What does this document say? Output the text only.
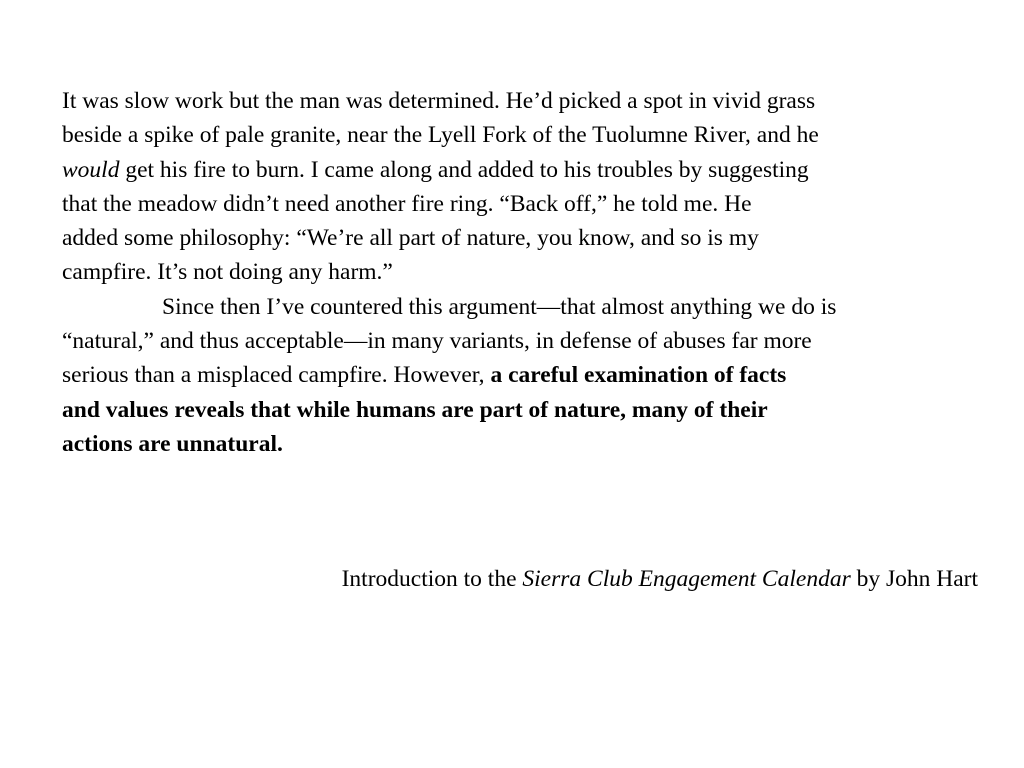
It was slow work but the man was determined. He’d picked a spot in vivid grass
beside a spike of pale granite, near the Lyell Fork of the Tuolumne River, and he
would get his fire to burn. I came along and added to his troubles by suggesting
that the meadow didn’t need another fire ring. “Back off,” he told me. He
added some philosophy: “We’re all part of nature, you know, and so is my
campfire. It’s not doing any harm.”
Since then I’ve countered this argument—that almost anything we do is
“natural,” and thus acceptable—in many variants, in defense of abuses far more
serious than a misplaced campfire. However, a careful examination of facts
and values reveals that while humans are part of nature, many of their
actions are unnatural.
Introduction to the Sierra Club Engagement Calendar by John Hart
